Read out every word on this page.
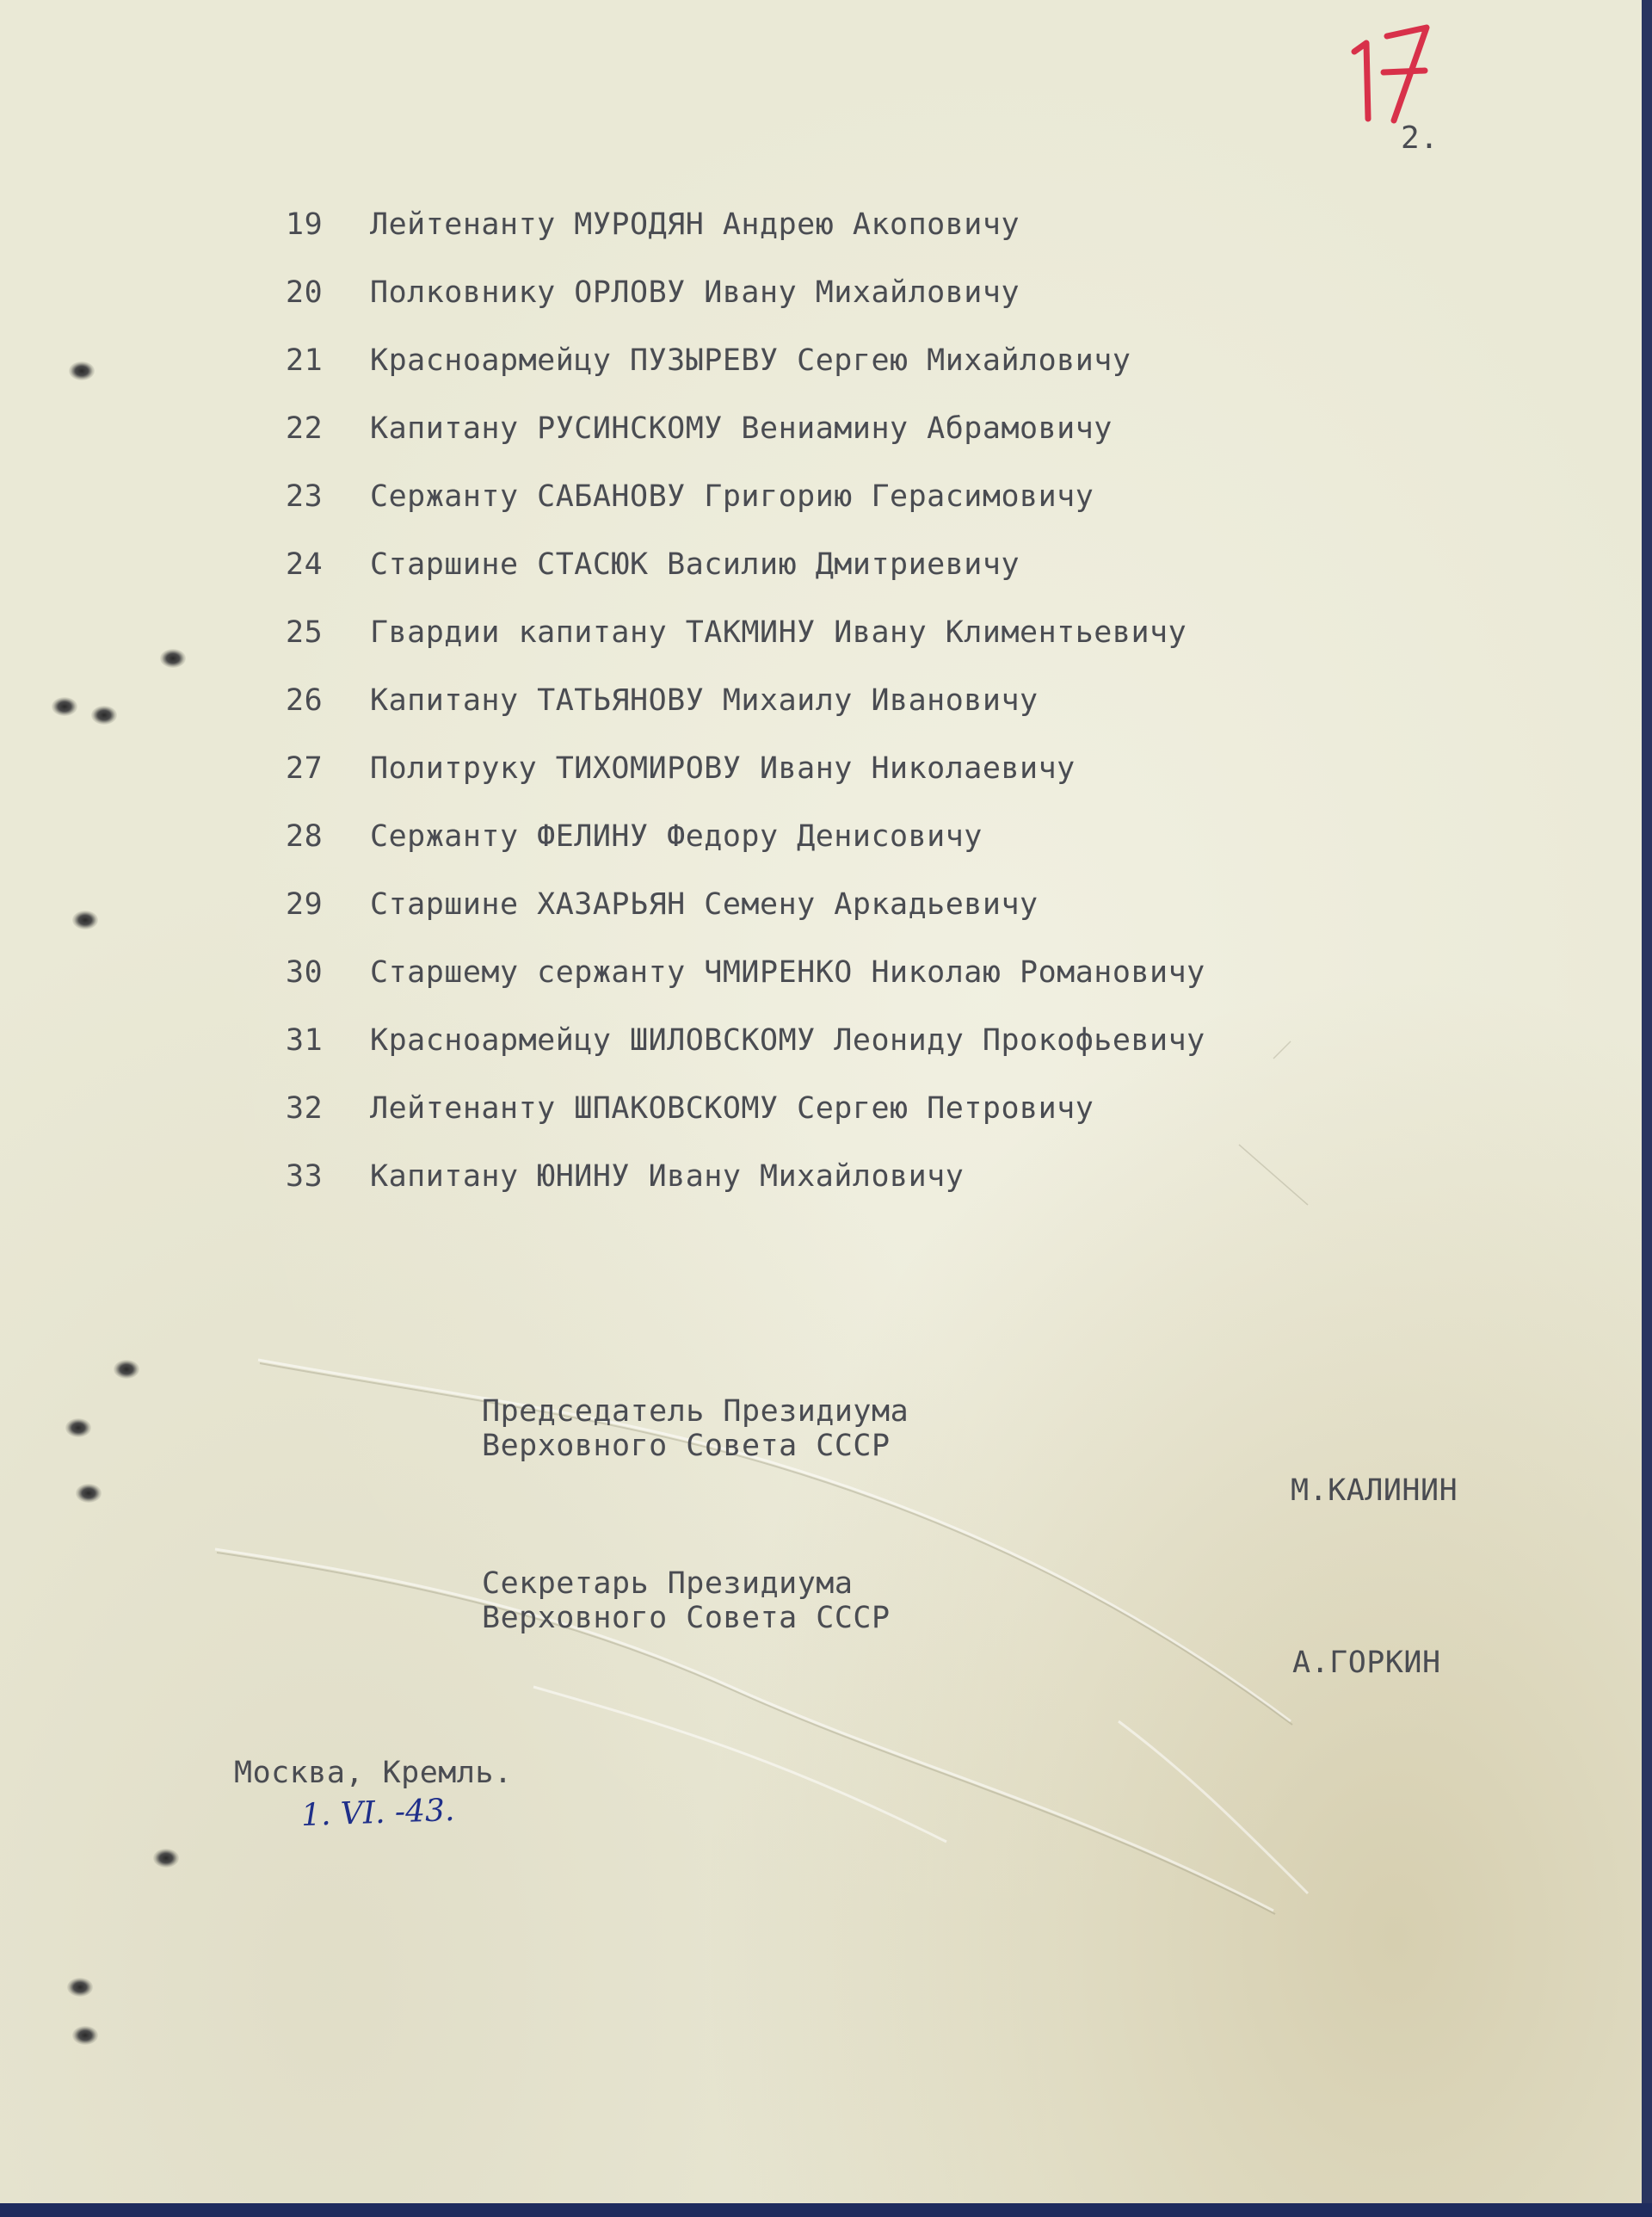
2.
19	Лейтенанту МУРОДЯН Андрею Акоповичу
20	Полковнику ОРЛОВУ Ивану Михайловичу
21	Красноармейцу ПУЗЫРЕВУ Сергею Михайловичу
22	Капитану РУСИНСКОМУ Вениамину Абрамовичу
23	Сержанту САБАНОВУ Григорию Герасимовичу
24	Старшине СТАСЮК Василию Дмитриевичу
25	Гвардии капитану ТАКМИНУ Ивану Климентьевичу
26	Капитану ТАТЬЯНОВУ Михаилу Ивановичу
27	Политруку ТИХОМИРОВУ Ивану Николаевичу
28	Сержанту ФЕЛИНУ Федору Денисовичу
29	Старшине ХАЗАРЬЯН Семену Аркадьевичу
30	Старшему сержанту ЧМИРЕНКО Николаю Романовичу
31	Красноармейцу ШИЛОВСКОМУ Леониду Прокофьевичу
32	Лейтенанту ШПАКОВСКОМУ Сергею Петровичу
33	Капитану ЮНИНУ Ивану Михайловичу
Председатель Президиума
Верховного Совета СССР
М.КАЛИНИН
Секретарь Президиума
Верховного Совета СССР
А.ГОРКИН
Москва, Кремль.
1. VI. -43.
